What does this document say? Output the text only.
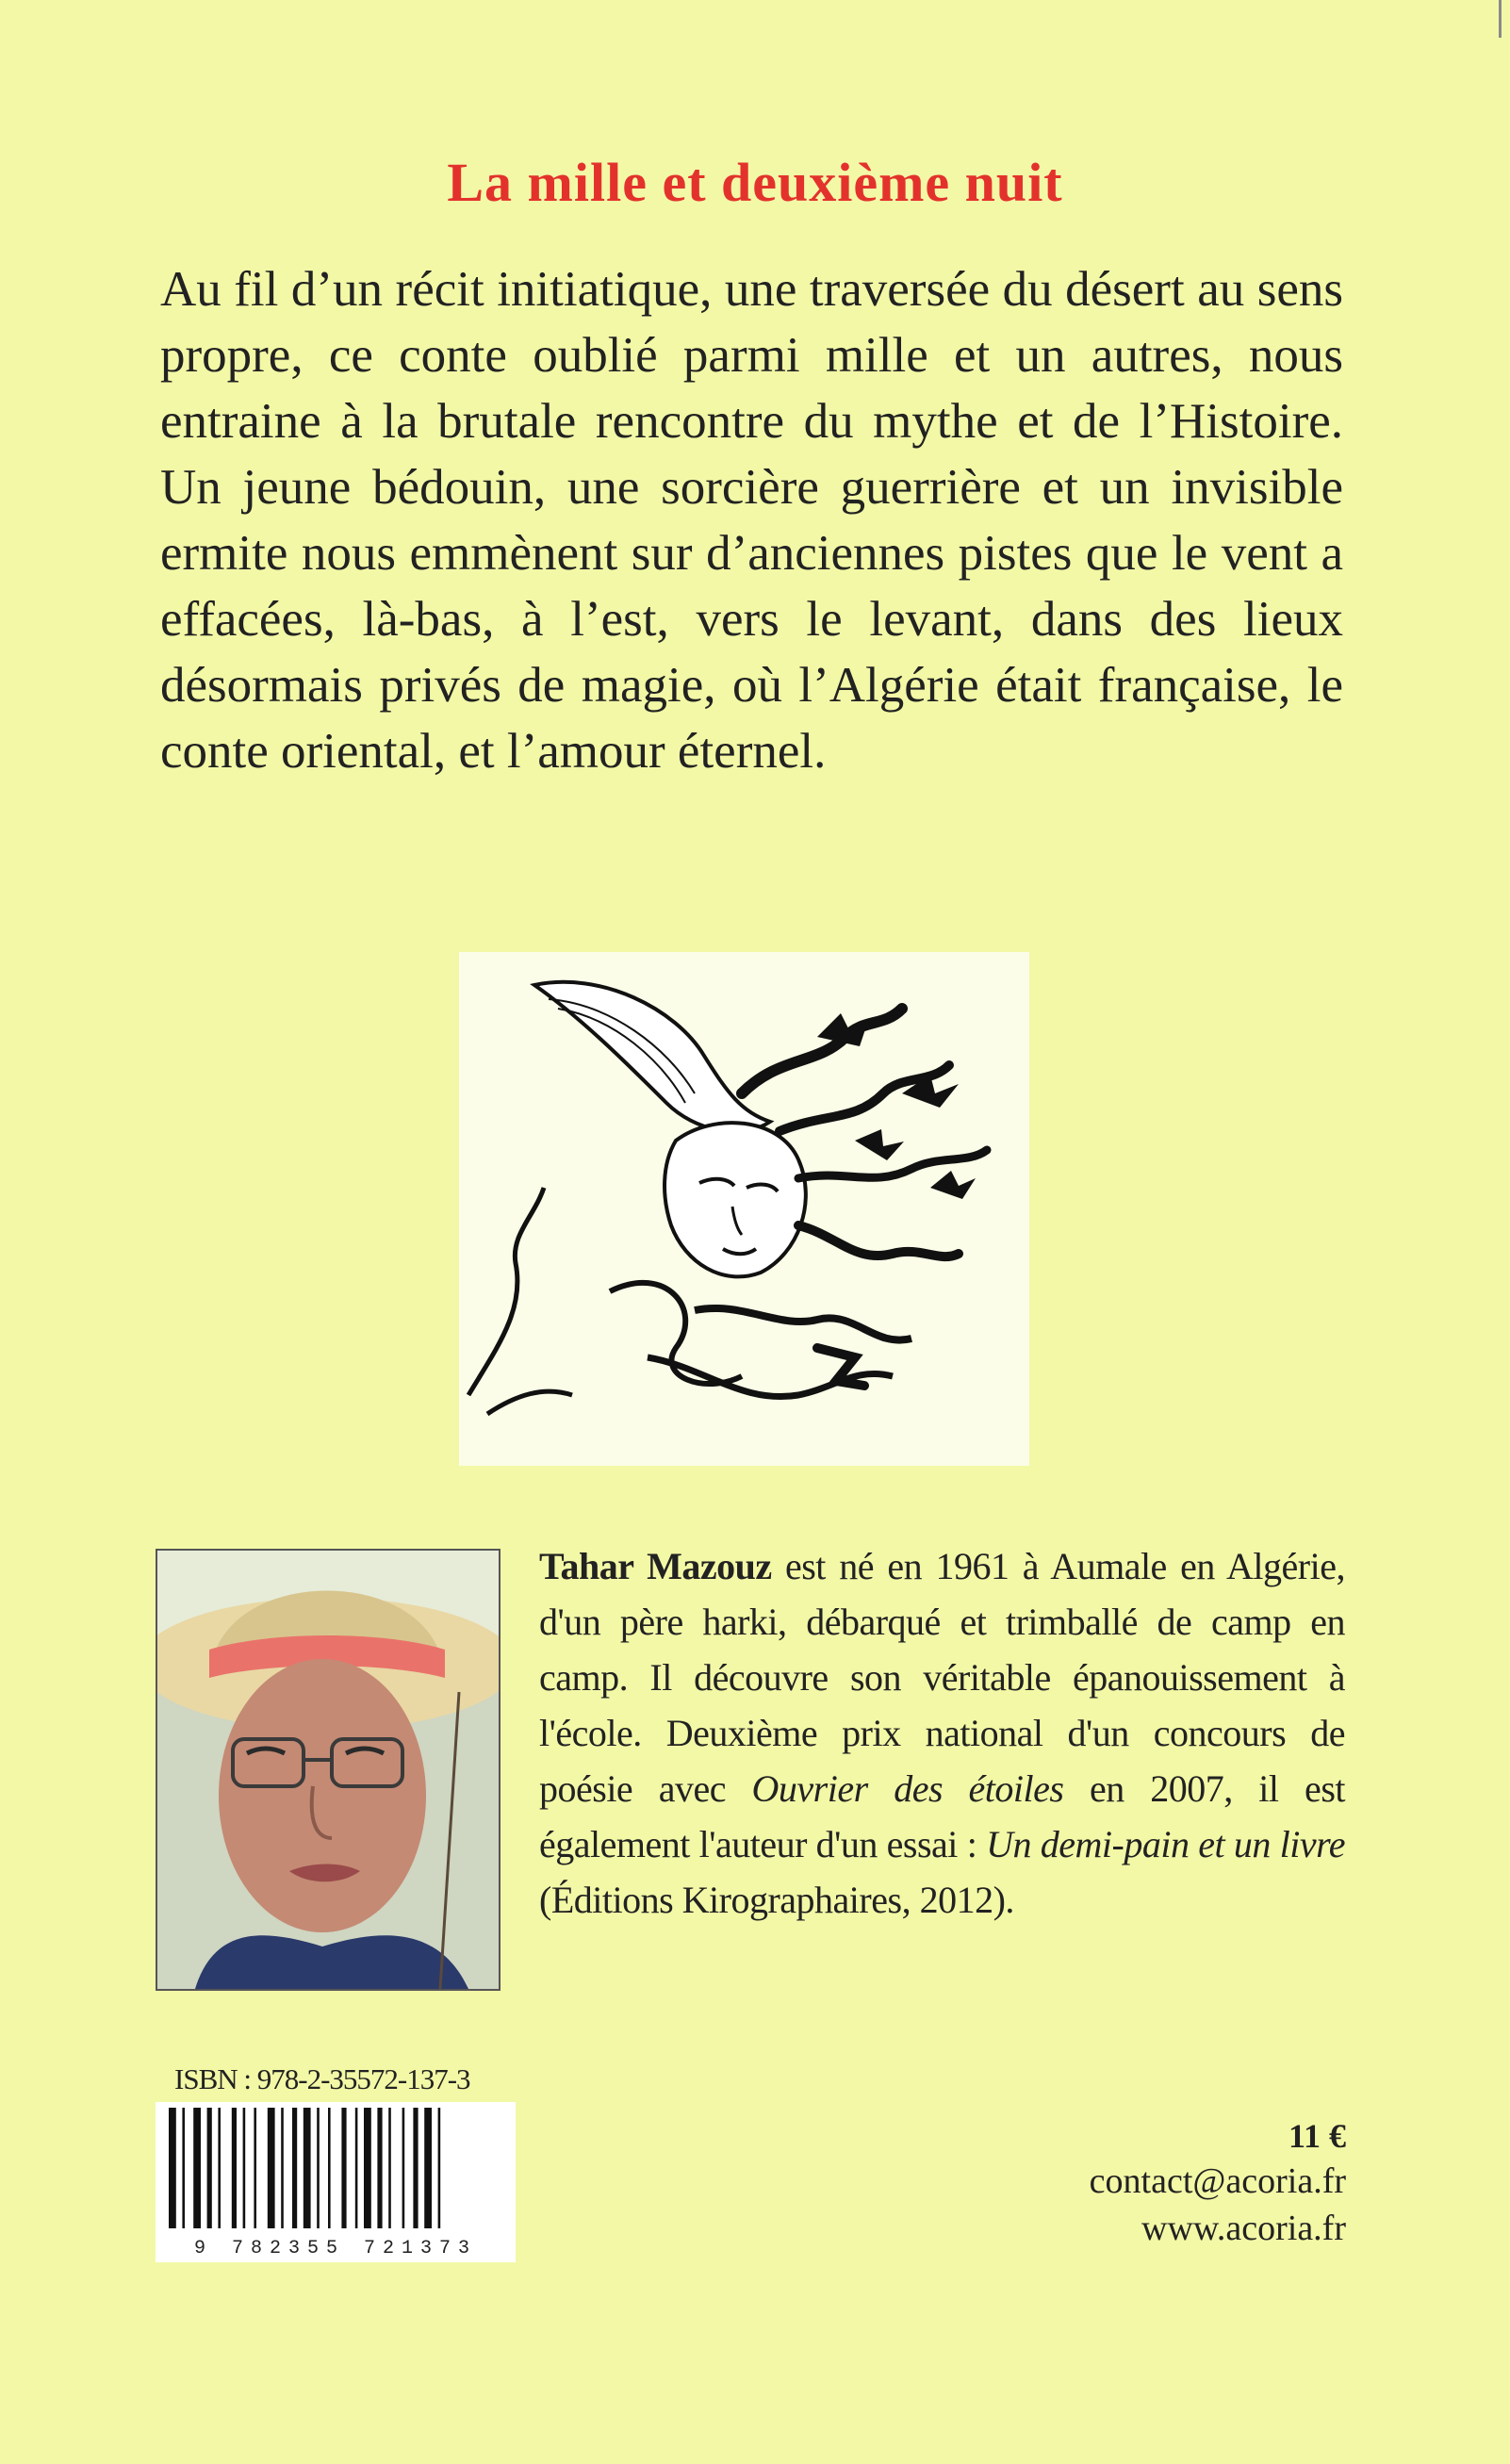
La mille et deuxième nuit
Au fil d’un récit initiatique, une traversée du désert au sens propre, ce conte oublié parmi mille et un autres, nous entraine à la brutale rencontre du mythe et de l’Histoire. Un jeune bédouin, une sorcière guerrière et un invisible ermite nous emmènent sur d’anciennes pistes que le vent a effacées, là-bas, à l’est, vers le levant, dans des lieux désormais privés de magie, où l’Algérie était française, le conte oriental, et l’amour éternel.
Tahar Mazouz est né en 1961 à Aumale en Algérie, d'un père harki, débarqué et trimballé de camp en camp. Il découvre son véritable épanouissement à l'école. Deuxième prix national d'un concours de poésie avec Ouvrier des étoiles en 2007, il est également l'auteur d'un essai : Un demi-pain et un livre (Éditions Kirographaires, 2012).
ISBN : 978-2-35572-137-3
9 782355 721373
11 €
contact@acoria.fr
www.acoria.fr
